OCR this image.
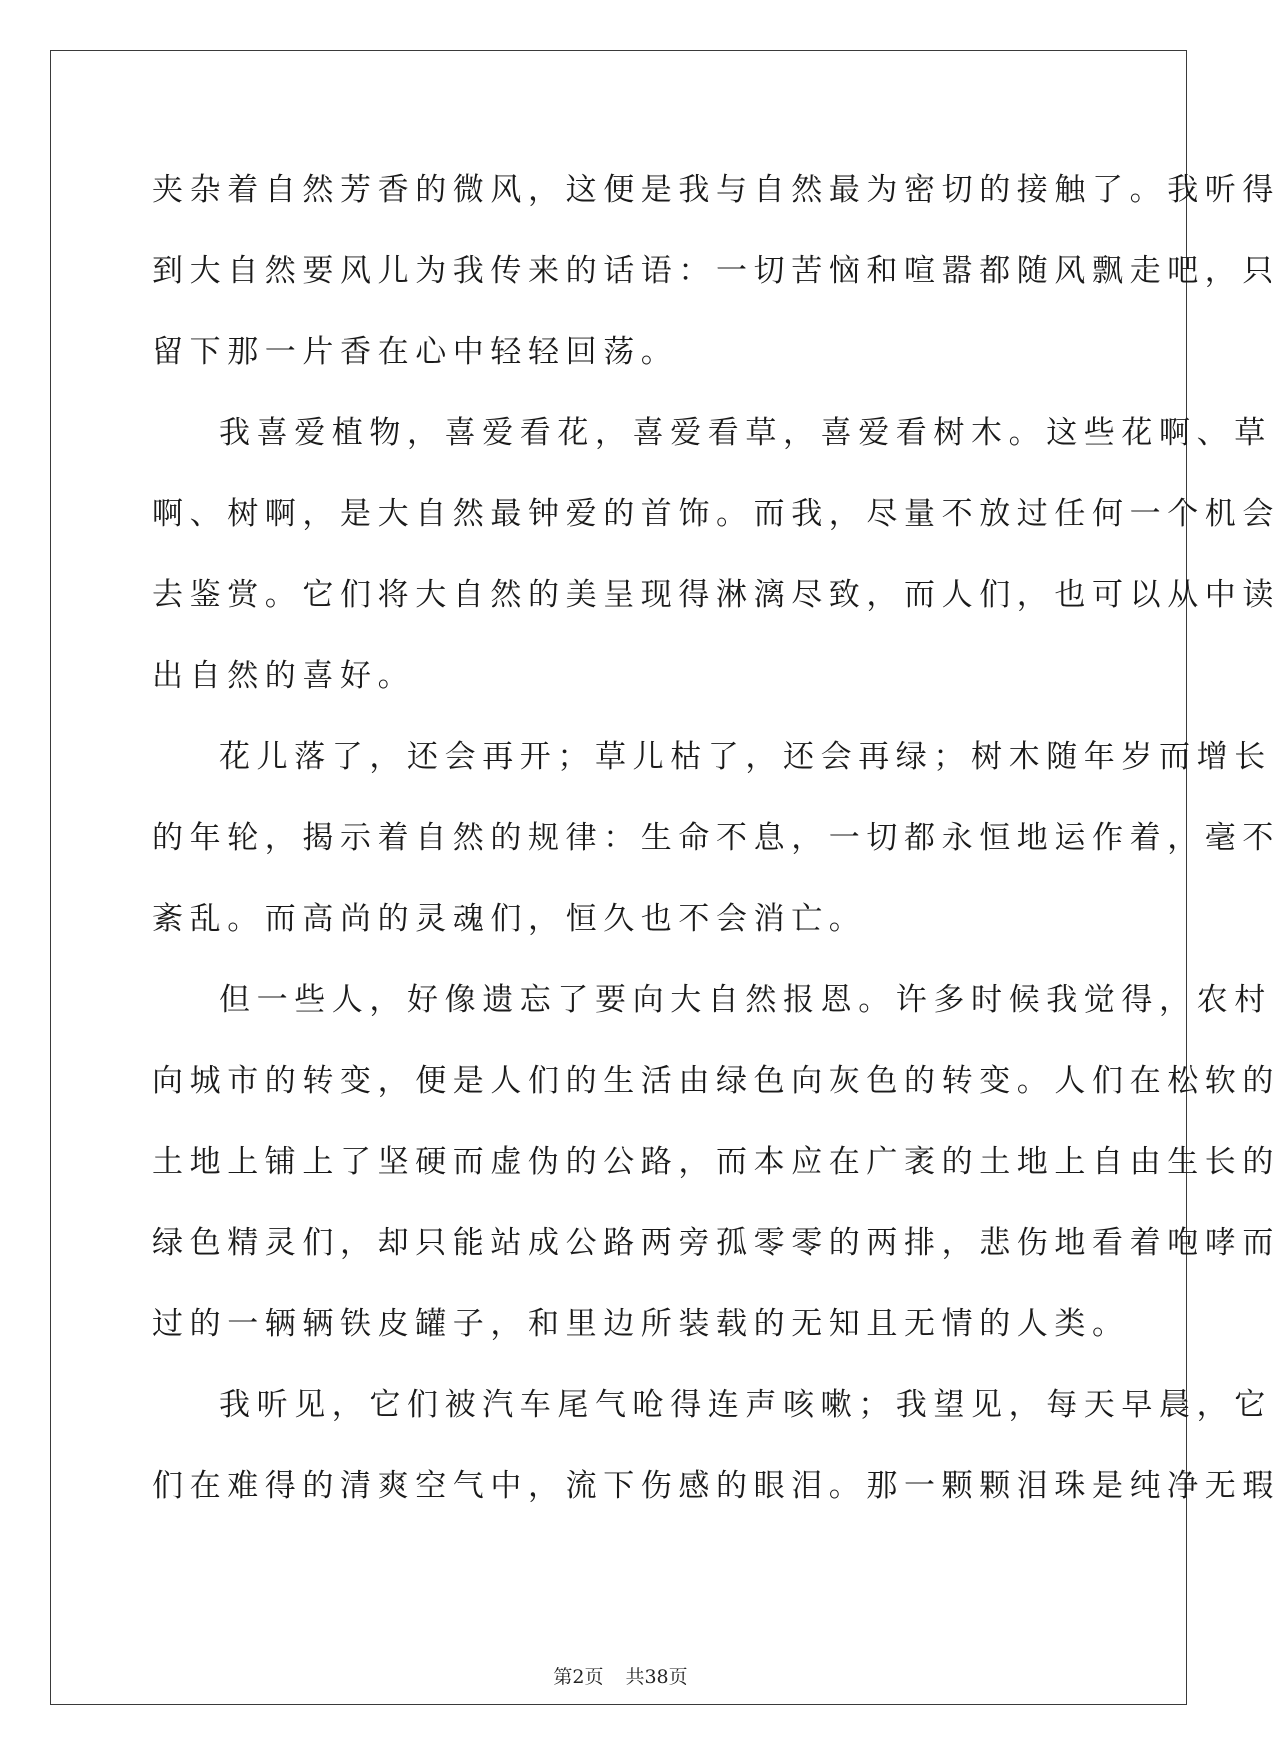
夹杂着自然芳香的微风，这便是我与自然最为密切的接触了。我听得
到大自然要风儿为我传来的话语：一切苦恼和喧嚣都随风飘走吧，只
留下那一片香在心中轻轻回荡。
我喜爱植物，喜爱看花，喜爱看草，喜爱看树木。这些花啊、草
啊、树啊，是大自然最钟爱的首饰。而我，尽量不放过任何一个机会
去鉴赏。它们将大自然的美呈现得淋漓尽致，而人们，也可以从中读
出自然的喜好。
花儿落了，还会再开；草儿枯了，还会再绿；树木随年岁而增长
的年轮，揭示着自然的规律：生命不息，一切都永恒地运作着，毫不
紊乱。而高尚的灵魂们，恒久也不会消亡。
但一些人，好像遗忘了要向大自然报恩。许多时候我觉得，农村
向城市的转变，便是人们的生活由绿色向灰色的转变。人们在松软的
土地上铺上了坚硬而虚伪的公路，而本应在广袤的土地上自由生长的
绿色精灵们，却只能站成公路两旁孤零零的两排，悲伤地看着咆哮而
过的一辆辆铁皮罐子，和里边所装载的无知且无情的人类。
我听见，它们被汽车尾气呛得连声咳嗽；我望见，每天早晨，它
们在难得的清爽空气中，流下伤感的眼泪。那一颗颗泪珠是纯净无瑕
第2页 共38页
